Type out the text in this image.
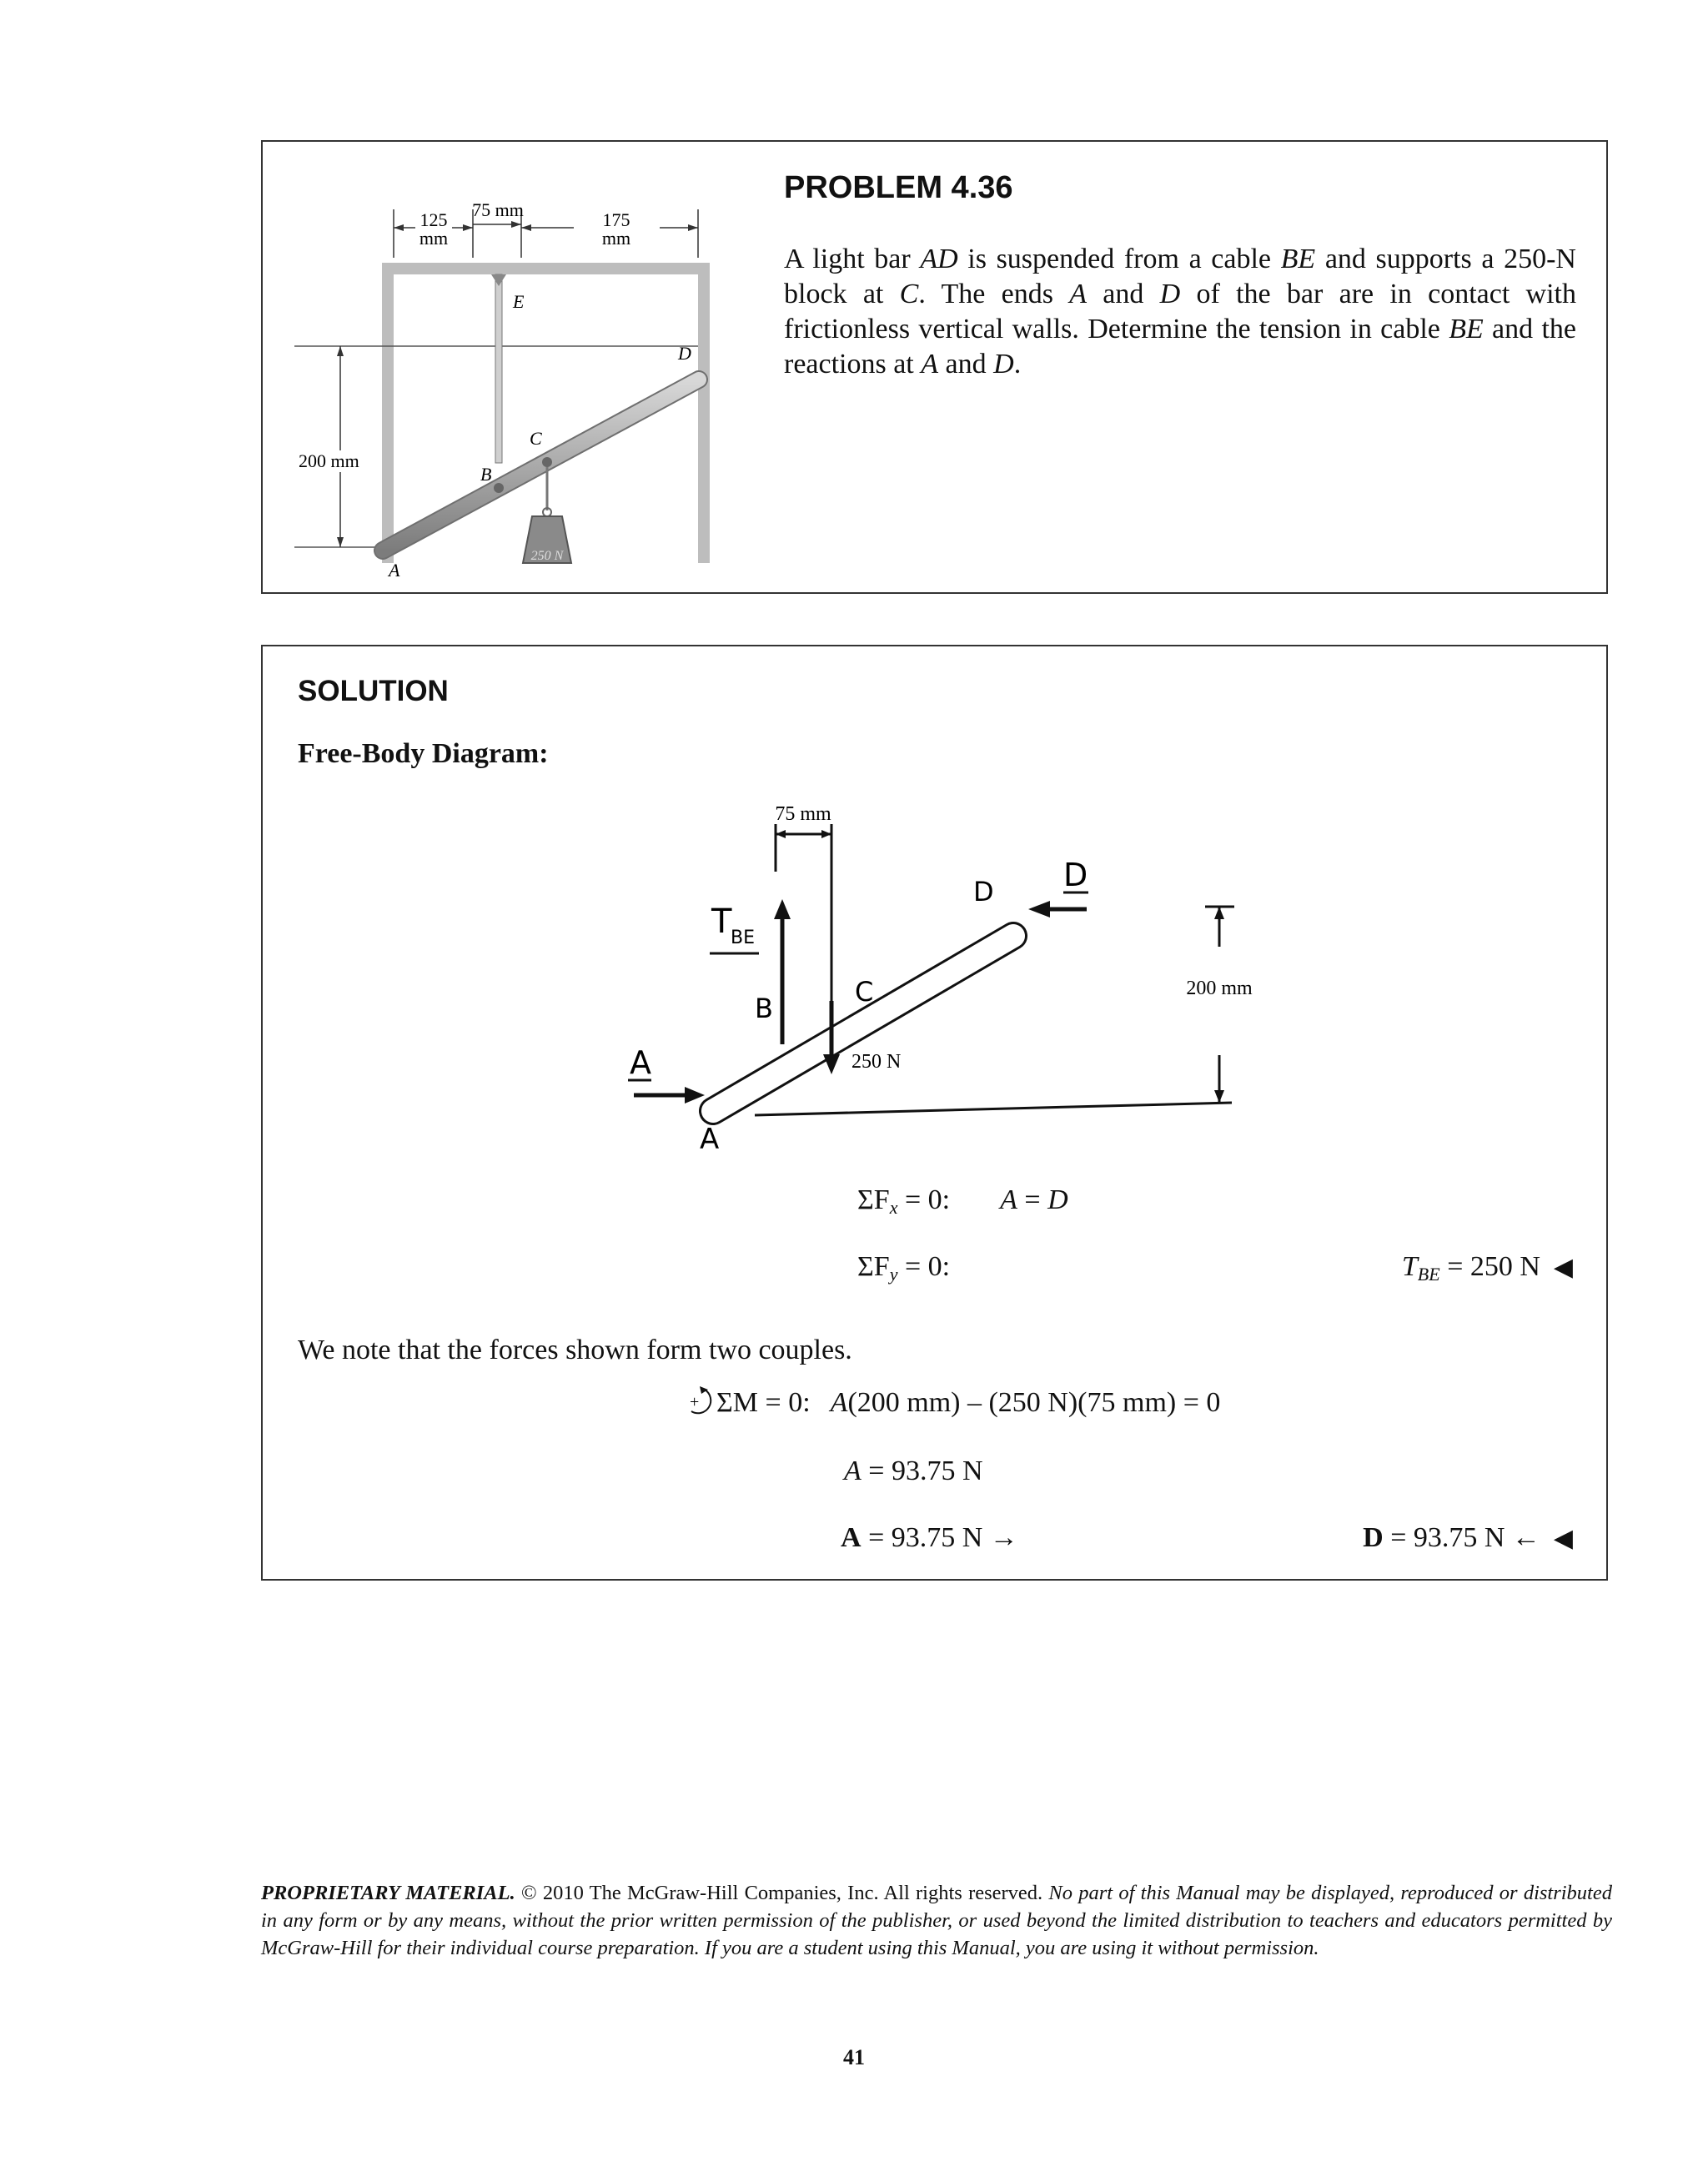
125
mm
75 mm	175
mm
200 mm
E
D
C
B
A
250 N
PROBLEM 4.36
A light bar AD is suspended from a cable BE and supports a 250-N block at C. The ends A and D of the bar are in contact with frictionless vertical walls. Determine the tension in cable BE and the reactions at A and D.
SOLUTION
Free-Body Diagram:
75 mm
200 mm
T
BE
B
C
250 N
D D
A
A
$\Sigma F_x = 0$: A = D
$\Sigma F_y = 0$:	$T_{BE} = 250$ N ◀
We note that the forces shown form two couples.
+ ΣM = 0: A(200 mm) – (250 N)(75 mm) = 0
A = 93.75 N
A = 93.75 N →	D = 93.75 N ← ◀
PROPRIETARY MATERIAL. © 2010 The McGraw-Hill Companies, Inc. All rights reserved. No part of this Manual may be displayed, reproduced or distributed in any form or by any means, without the prior written permission of the publisher, or used beyond the limited distribution to teachers and educators permitted by McGraw-Hill for their individual course preparation. If you are a student using this Manual, you are using it without permission.
41
